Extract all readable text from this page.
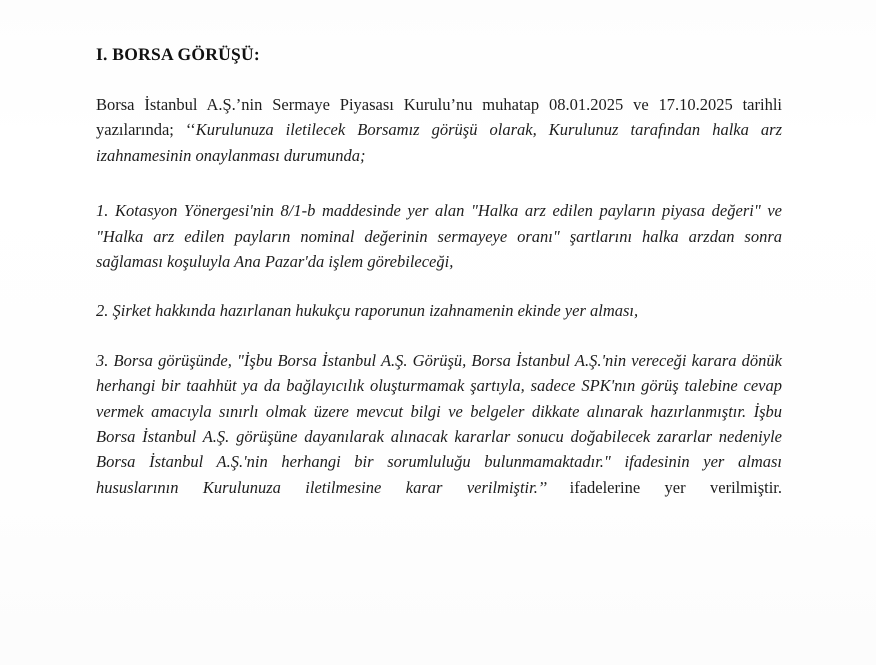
I. BORSA GÖRÜŞÜ:

Borsa İstanbul A.Ş.’nin Sermaye Piyasası Kurulu’nu muhatap 08.01.2025 ve 17.10.2025 tarihli yazılarında; ‘‘Kurulunuza iletilecek Borsamız görüşü olarak, Kurulunuz tarafından halka arz izahnamesinin onaylanması durumunda;

1. Kotasyon Yönergesi'nin 8/1-b maddesinde yer alan "Halka arz edilen payların piyasa değeri" ve "Halka arz edilen payların nominal değerinin sermayeye oranı" şartlarını halka arzdan sonra sağlaması koşuluyla Ana Pazar'da işlem görebileceği,

2. Şirket hakkında hazırlanan hukukçu raporunun izahnamenin ekinde yer alması,

3. Borsa görüşünde, "İşbu Borsa İstanbul A.Ş. Görüşü, Borsa İstanbul A.Ş.'nin vereceği karara dönük herhangi bir taahhüt ya da bağlayıcılık oluşturmamak şartıyla, sadece SPK'nın görüş talebine cevap vermek amacıyla sınırlı olmak üzere mevcut bilgi ve belgeler dikkate alınarak hazırlanmıştır. İşbu Borsa İstanbul A.Ş. görüşüne dayanılarak alınacak kararlar sonucu doğabilecek zararlar nedeniyle Borsa İstanbul A.Ş.'nin herhangi bir sorumluluğu bulunmamaktadır." ifadesinin yer alması hususlarının Kurulunuza iletilmesine karar verilmiştir.’’ ifadelerine yer verilmiştir.
